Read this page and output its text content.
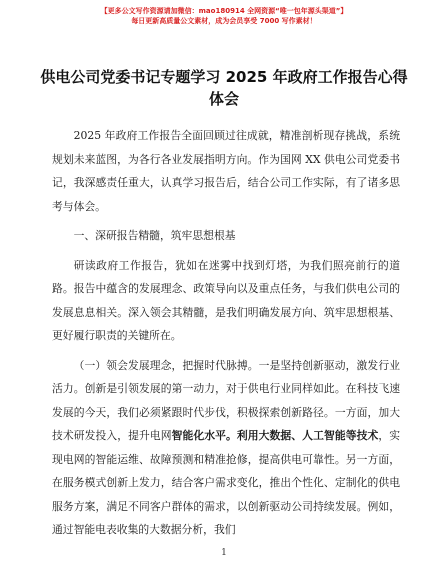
【更多公文写作资源请加微信：mao180914 全网资源“唯一包年源头渠道”】
每日更新高质量公文素材，成为会员享受 7000 写作素材！
供电公司党委书记专题学习 2025 年政府工作报告心得体会

2025 年政府工作报告全面回顾过往成就，精准剖析现存挑战，系统规划未来蓝图，为各行各业发展指明方向。作为国网 XX 供电公司党委书记，我深感责任重大，认真学习报告后，结合公司工作实际，有了诸多思考与体会。

一、深研报告精髓，筑牢思想根基

研读政府工作报告，犹如在迷雾中找到灯塔，为我们照亮前行的道路。报告中蕴含的发展理念、政策导向以及重点任务，与我们供电公司的发展息息相关。深入领会其精髓，是我们明确发展方向、筑牢思想根基、更好履行职责的关键所在。

（一）领会发展理念，把握时代脉搏。一是坚持创新驱动，激发行业活力。创新是引领发展的第一动力，对于供电行业同样如此。在科技飞速发展的今天，我们必须紧跟时代步伐，积极探索创新路径。一方面，加大技术研发投入，提升电网智能化水平。利用大数据、人工智能等技术，实现电网的智能运维、故障预测和精准抢修，提高供电可靠性。另一方面，在服务模式创新上发力，结合客户需求变化，推出个性化、定制化的供电服务方案，满足不同客户群体的需求，以创新驱动公司持续发展。例如，通过智能电表收集的大数据分析，我们

1
